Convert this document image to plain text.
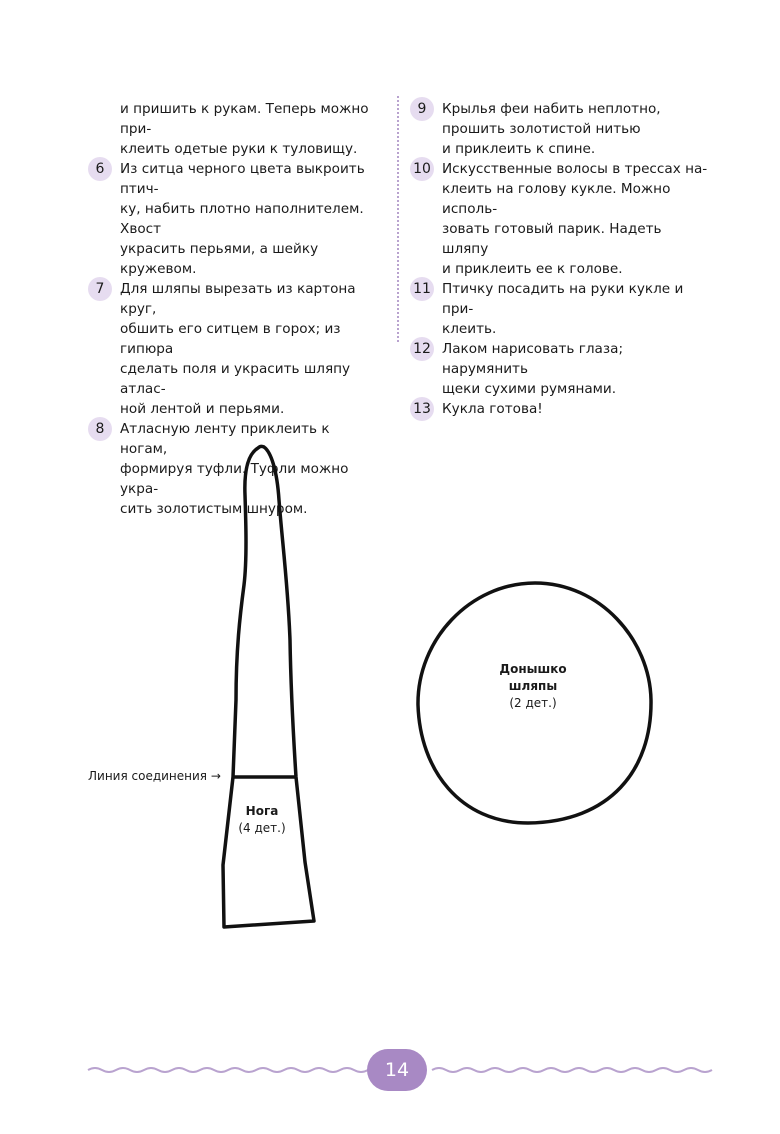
и пришить к рукам. Теперь можно при-
клеить одетые руки к туловищу.
6	Из ситца черного цвета выкроить птич-
ку, набить плотно наполнителем. Хвост
украсить перьями, а шейку кружевом.
7	Для шляпы вырезать из картона круг,
обшить его ситцем в горох; из гипюра
сделать поля и украсить шляпу атлас-
ной лентой и перьями.
8	Атласную ленту приклеить к ногам,
формируя туфли. Туфли можно укра-
сить золотистым шнуром.
9	Крылья феи набить неплотно,
прошить золотистой нитью
и приклеить к спине.
10 Искусственные волосы в трессах на-
клеить на голову кукле. Можно исполь-
зовать готовый парик. Надеть шляпу
и приклеить ее к голове.
11 Птичку посадить на руки кукле и при-
клеить.
12 Лаком нарисовать глаза; нарумянить
щеки сухими румянами.
13 Кукла готова!
Линия соединения →
Нога
(4 дет.)
Донышко
шляпы
(2 дет.)
14
